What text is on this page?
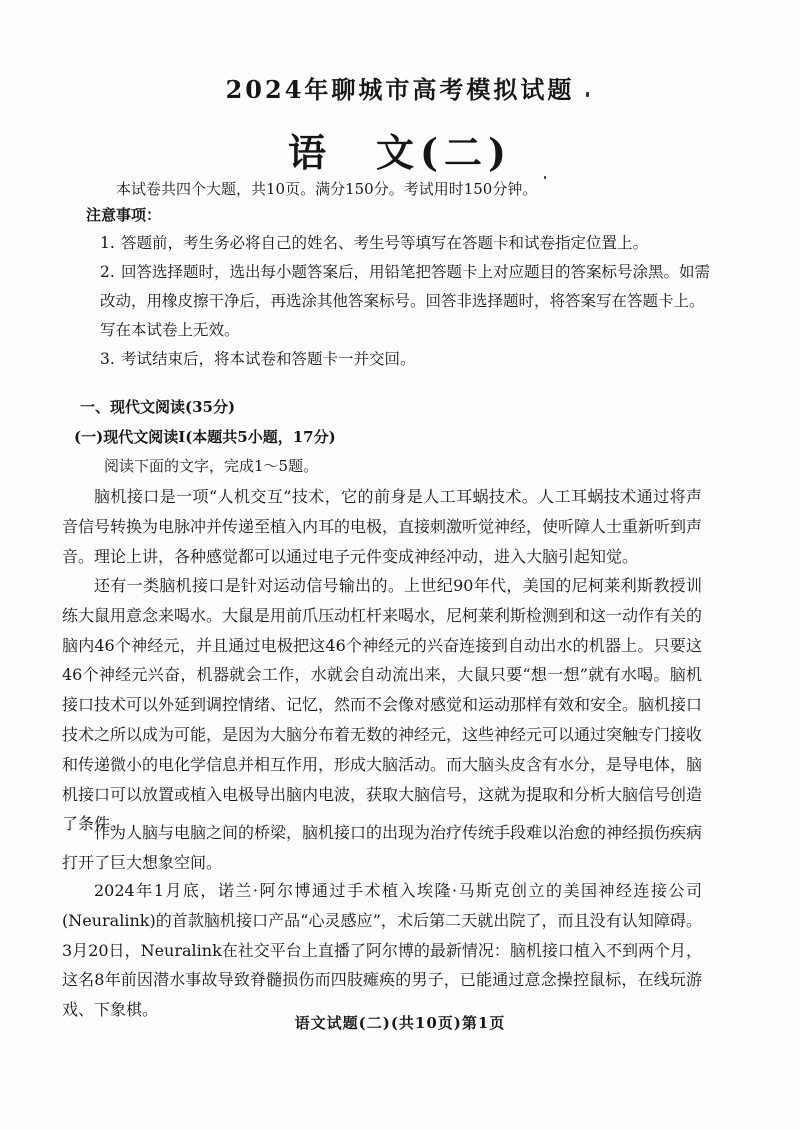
2024年聊城市高考模拟试题
语　文(二)
本试卷共四个大题，共10页。满分150分。考试用时150分钟。
注意事项：

1. 答题前，考生务必将自己的姓名、考生号等填写在答题卡和试卷指定位置上。

2. 回答选择题时，选出每小题答案后，用铅笔把答题卡上对应题目的答案标号涂黑。如需改动，用橡皮擦干净后，再选涂其他答案标号。回答非选择题时，将答案写在答题卡上。写在本试卷上无效。

3. 考试结束后，将本试卷和答题卡一并交回。

一、现代文阅读(35分)
(一)现代文阅读Ⅰ(本题共5小题，17分)
阅读下面的文字，完成1～5题。

脑机接口是一项“人机交互”技术，它的前身是人工耳蜗技术。人工耳蜗技术通过将声音信号转换为电脉冲并传递至植入内耳的电极，直接刺激听觉神经，使听障人士重新听到声音。理论上讲，各种感觉都可以通过电子元件变成神经冲动，进入大脑引起知觉。

还有一类脑机接口是针对运动信号输出的。上世纪90年代，美国的尼柯莱利斯教授训练大鼠用意念来喝水。大鼠是用前爪压动杠杆来喝水，尼柯莱利斯检测到和这一动作有关的脑内46个神经元，并且通过电极把这46个神经元的兴奋连接到自动出水的机器上。只要这46个神经元兴奋，机器就会工作，水就会自动流出来，大鼠只要“想一想”就有水喝。脑机接口技术可以外延到调控情绪、记忆，然而不会像对感觉和运动那样有效和安全。脑机接口技术之所以成为可能，是因为大脑分布着无数的神经元，这些神经元可以通过突触专门接收和传递微小的电化学信息并相互作用，形成大脑活动。而大脑头皮含有水分，是导电体，脑机接口可以放置或植入电极导出脑内电波，获取大脑信号，这就为提取和分析大脑信号创造了条件。

作为人脑与电脑之间的桥梁，脑机接口的出现为治疗传统手段难以治愈的神经损伤疾病打开了巨大想象空间。

2024年1月底，诺兰·阿尔博通过手术植入埃隆·马斯克创立的美国神经连接公司(Neuralink)的首款脑机接口产品“心灵感应”，术后第二天就出院了，而且没有认知障碍。3月20日，Neuralink在社交平台上直播了阿尔博的最新情况：脑机接口植入不到两个月，这名8年前因潜水事故导致脊髓损伤而四肢瘫痪的男子，已能通过意念操控鼠标，在线玩游戏、下象棋。

语文试题(二)(共10页)第1页
